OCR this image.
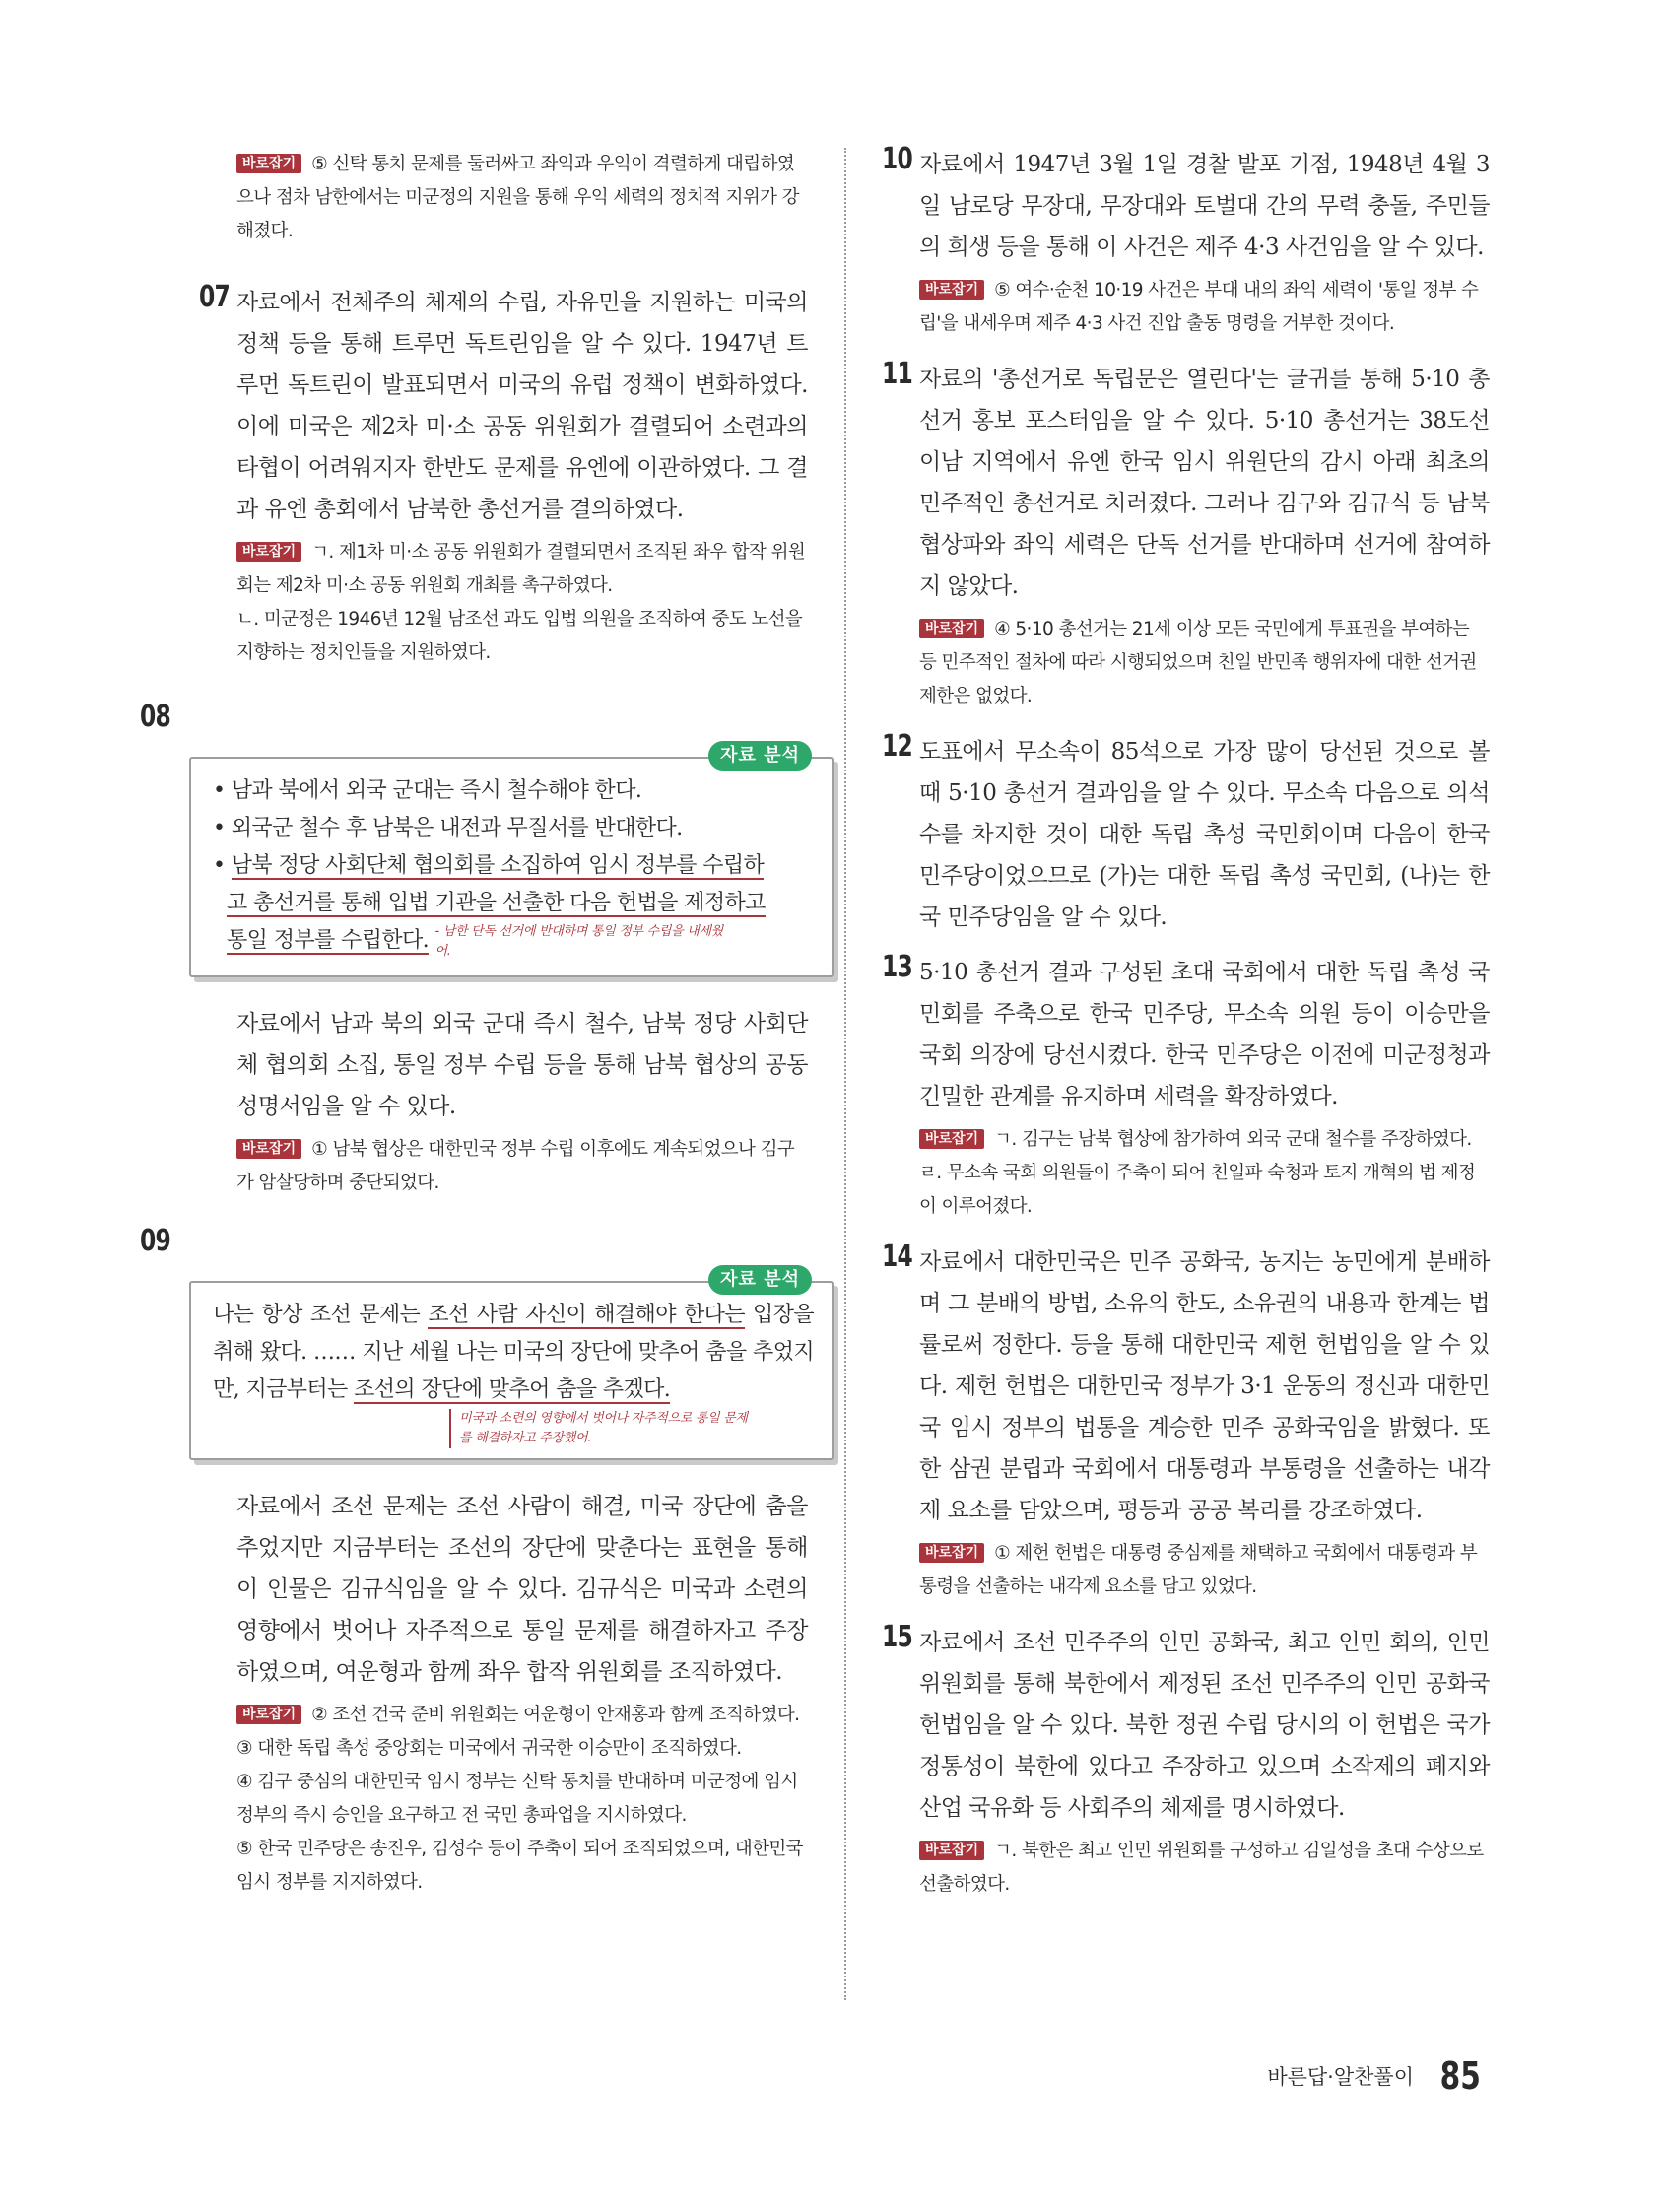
바로잡기 ⑤ 신탁 통치 문제를 둘러싸고 좌익과 우익이 격렬하게 대립하였으나 점차 남한에서는 미군정의 지원을 통해 우익 세력의 정치적 지위가 강해졌다.

07 자료에서 전체주의 체제의 수립, 자유민을 지원하는 미국의 정책 등을 통해 트루먼 독트린임을 알 수 있다. 1947년 트루먼 독트린이 발표되면서 미국의 유럽 정책이 변화하였다. 이에 미국은 제2차 미·소 공동 위원회가 결렬되어 소련과의 타협이 어려워지자 한반도 문제를 유엔에 이관하였다. 그 결과 유엔 총회에서 남북한 총선거를 결의하였다.

바로잡기 ㄱ. 제1차 미·소 공동 위원회가 결렬되면서 조직된 좌우 합작 위원회는 제2차 미·소 공동 위원회 개최를 촉구하였다.

ㄴ. 미군정은 1946년 12월 남조선 과도 입법 의원을 조직하여 중도 노선을 지향하는 정치인들을 지원하였다.

08
자료 분석

• 남과 북에서 외국 군대는 즉시 철수해야 한다.

• 외국군 철수 후 남북은 내전과 무질서를 반대한다.

• 남북 정당 사회단체 협의회를 소집하여 임시 정부를 수립하

고 총선거를 통해 입법 기관을 선출한 다음 헌법을 제정하고

통일 정부를 수립한다. - 남한 단독 선거에 반대하며 통일 정부 수립을 내세웠어.

자료에서 남과 북의 외국 군대 즉시 철수, 남북 정당 사회단체 협의회 소집, 통일 정부 수립 등을 통해 남북 협상의 공동 성명서임을 알 수 있다.

바로잡기 ① 남북 협상은 대한민국 정부 수립 이후에도 계속되었으나 김구가 암살당하며 중단되었다.

09
자료 분석

나는 항상 조선 문제는 조선 사람 자신이 해결해야 한다는 입장을 취해 왔다. …… 지난 세월 나는 미국의 장단에 맞추어 춤을 추었지만, 지금부터는 조선의 장단에 맞추어 춤을 추겠다.

미국과 소련의 영향에서 벗어나 자주적으로 통일 문제를 해결하자고 주장했어.

자료에서 조선 문제는 조선 사람이 해결, 미국 장단에 춤을 추었지만 지금부터는 조선의 장단에 맞춘다는 표현을 통해 이 인물은 김규식임을 알 수 있다. 김규식은 미국과 소련의 영향에서 벗어나 자주적으로 통일 문제를 해결하자고 주장하였으며, 여운형과 함께 좌우 합작 위원회를 조직하였다.

바로잡기 ② 조선 건국 준비 위원회는 여운형이 안재홍과 함께 조직하였다.

③ 대한 독립 촉성 중앙회는 미국에서 귀국한 이승만이 조직하였다.

④ 김구 중심의 대한민국 임시 정부는 신탁 통치를 반대하며 미군정에 임시 정부의 즉시 승인을 요구하고 전 국민 총파업을 지시하였다.

⑤ 한국 민주당은 송진우, 김성수 등이 주축이 되어 조직되었으며, 대한민국 임시 정부를 지지하였다.

10 자료에서 1947년 3월 1일 경찰 발포 기점, 1948년 4월 3일 남로당 무장대, 무장대와 토벌대 간의 무력 충돌, 주민들의 희생 등을 통해 이 사건은 제주 4·3 사건임을 알 수 있다.

바로잡기 ⑤ 여수·순천 10·19 사건은 부대 내의 좌익 세력이 '통일 정부 수립'을 내세우며 제주 4·3 사건 진압 출동 명령을 거부한 것이다.

11 자료의 '총선거로 독립문은 열린다'는 글귀를 통해 5·10 총선거 홍보 포스터임을 알 수 있다. 5·10 총선거는 38도선 이남 지역에서 유엔 한국 임시 위원단의 감시 아래 최초의 민주적인 총선거로 치러졌다. 그러나 김구와 김규식 등 남북 협상파와 좌익 세력은 단독 선거를 반대하며 선거에 참여하지 않았다.

바로잡기 ④ 5·10 총선거는 21세 이상 모든 국민에게 투표권을 부여하는 등 민주적인 절차에 따라 시행되었으며 친일 반민족 행위자에 대한 선거권 제한은 없었다.

12 도표에서 무소속이 85석으로 가장 많이 당선된 것으로 볼 때 5·10 총선거 결과임을 알 수 있다. 무소속 다음으로 의석수를 차지한 것이 대한 독립 촉성 국민회이며 다음이 한국 민주당이었으므로 (가)는 대한 독립 촉성 국민회, (나)는 한국 민주당임을 알 수 있다.

13 5·10 총선거 결과 구성된 초대 국회에서 대한 독립 촉성 국민회를 주축으로 한국 민주당, 무소속 의원 등이 이승만을 국회 의장에 당선시켰다. 한국 민주당은 이전에 미군정청과 긴밀한 관계를 유지하며 세력을 확장하였다.

바로잡기 ㄱ. 김구는 남북 협상에 참가하여 외국 군대 철수를 주장하였다.

ㄹ. 무소속 국회 의원들이 주축이 되어 친일파 숙청과 토지 개혁의 법 제정이 이루어졌다.

14 자료에서 대한민국은 민주 공화국, 농지는 농민에게 분배하며 그 분배의 방법, 소유의 한도, 소유권의 내용과 한계는 법률로써 정한다. 등을 통해 대한민국 제헌 헌법임을 알 수 있다. 제헌 헌법은 대한민국 정부가 3·1 운동의 정신과 대한민국 임시 정부의 법통을 계승한 민주 공화국임을 밝혔다. 또한 삼권 분립과 국회에서 대통령과 부통령을 선출하는 내각제 요소를 담았으며, 평등과 공공 복리를 강조하였다.

바로잡기 ① 제헌 헌법은 대통령 중심제를 채택하고 국회에서 대통령과 부통령을 선출하는 내각제 요소를 담고 있었다.

15 자료에서 조선 민주주의 인민 공화국, 최고 인민 회의, 인민위원회를 통해 북한에서 제정된 조선 민주주의 인민 공화국 헌법임을 알 수 있다. 북한 정권 수립 당시의 이 헌법은 국가 정통성이 북한에 있다고 주장하고 있으며 소작제의 폐지와 산업 국유화 등 사회주의 체제를 명시하였다.

바로잡기 ㄱ. 북한은 최고 인민 위원회를 구성하고 김일성을 초대 수상으로 선출하였다.

바른답·알찬풀이 85
